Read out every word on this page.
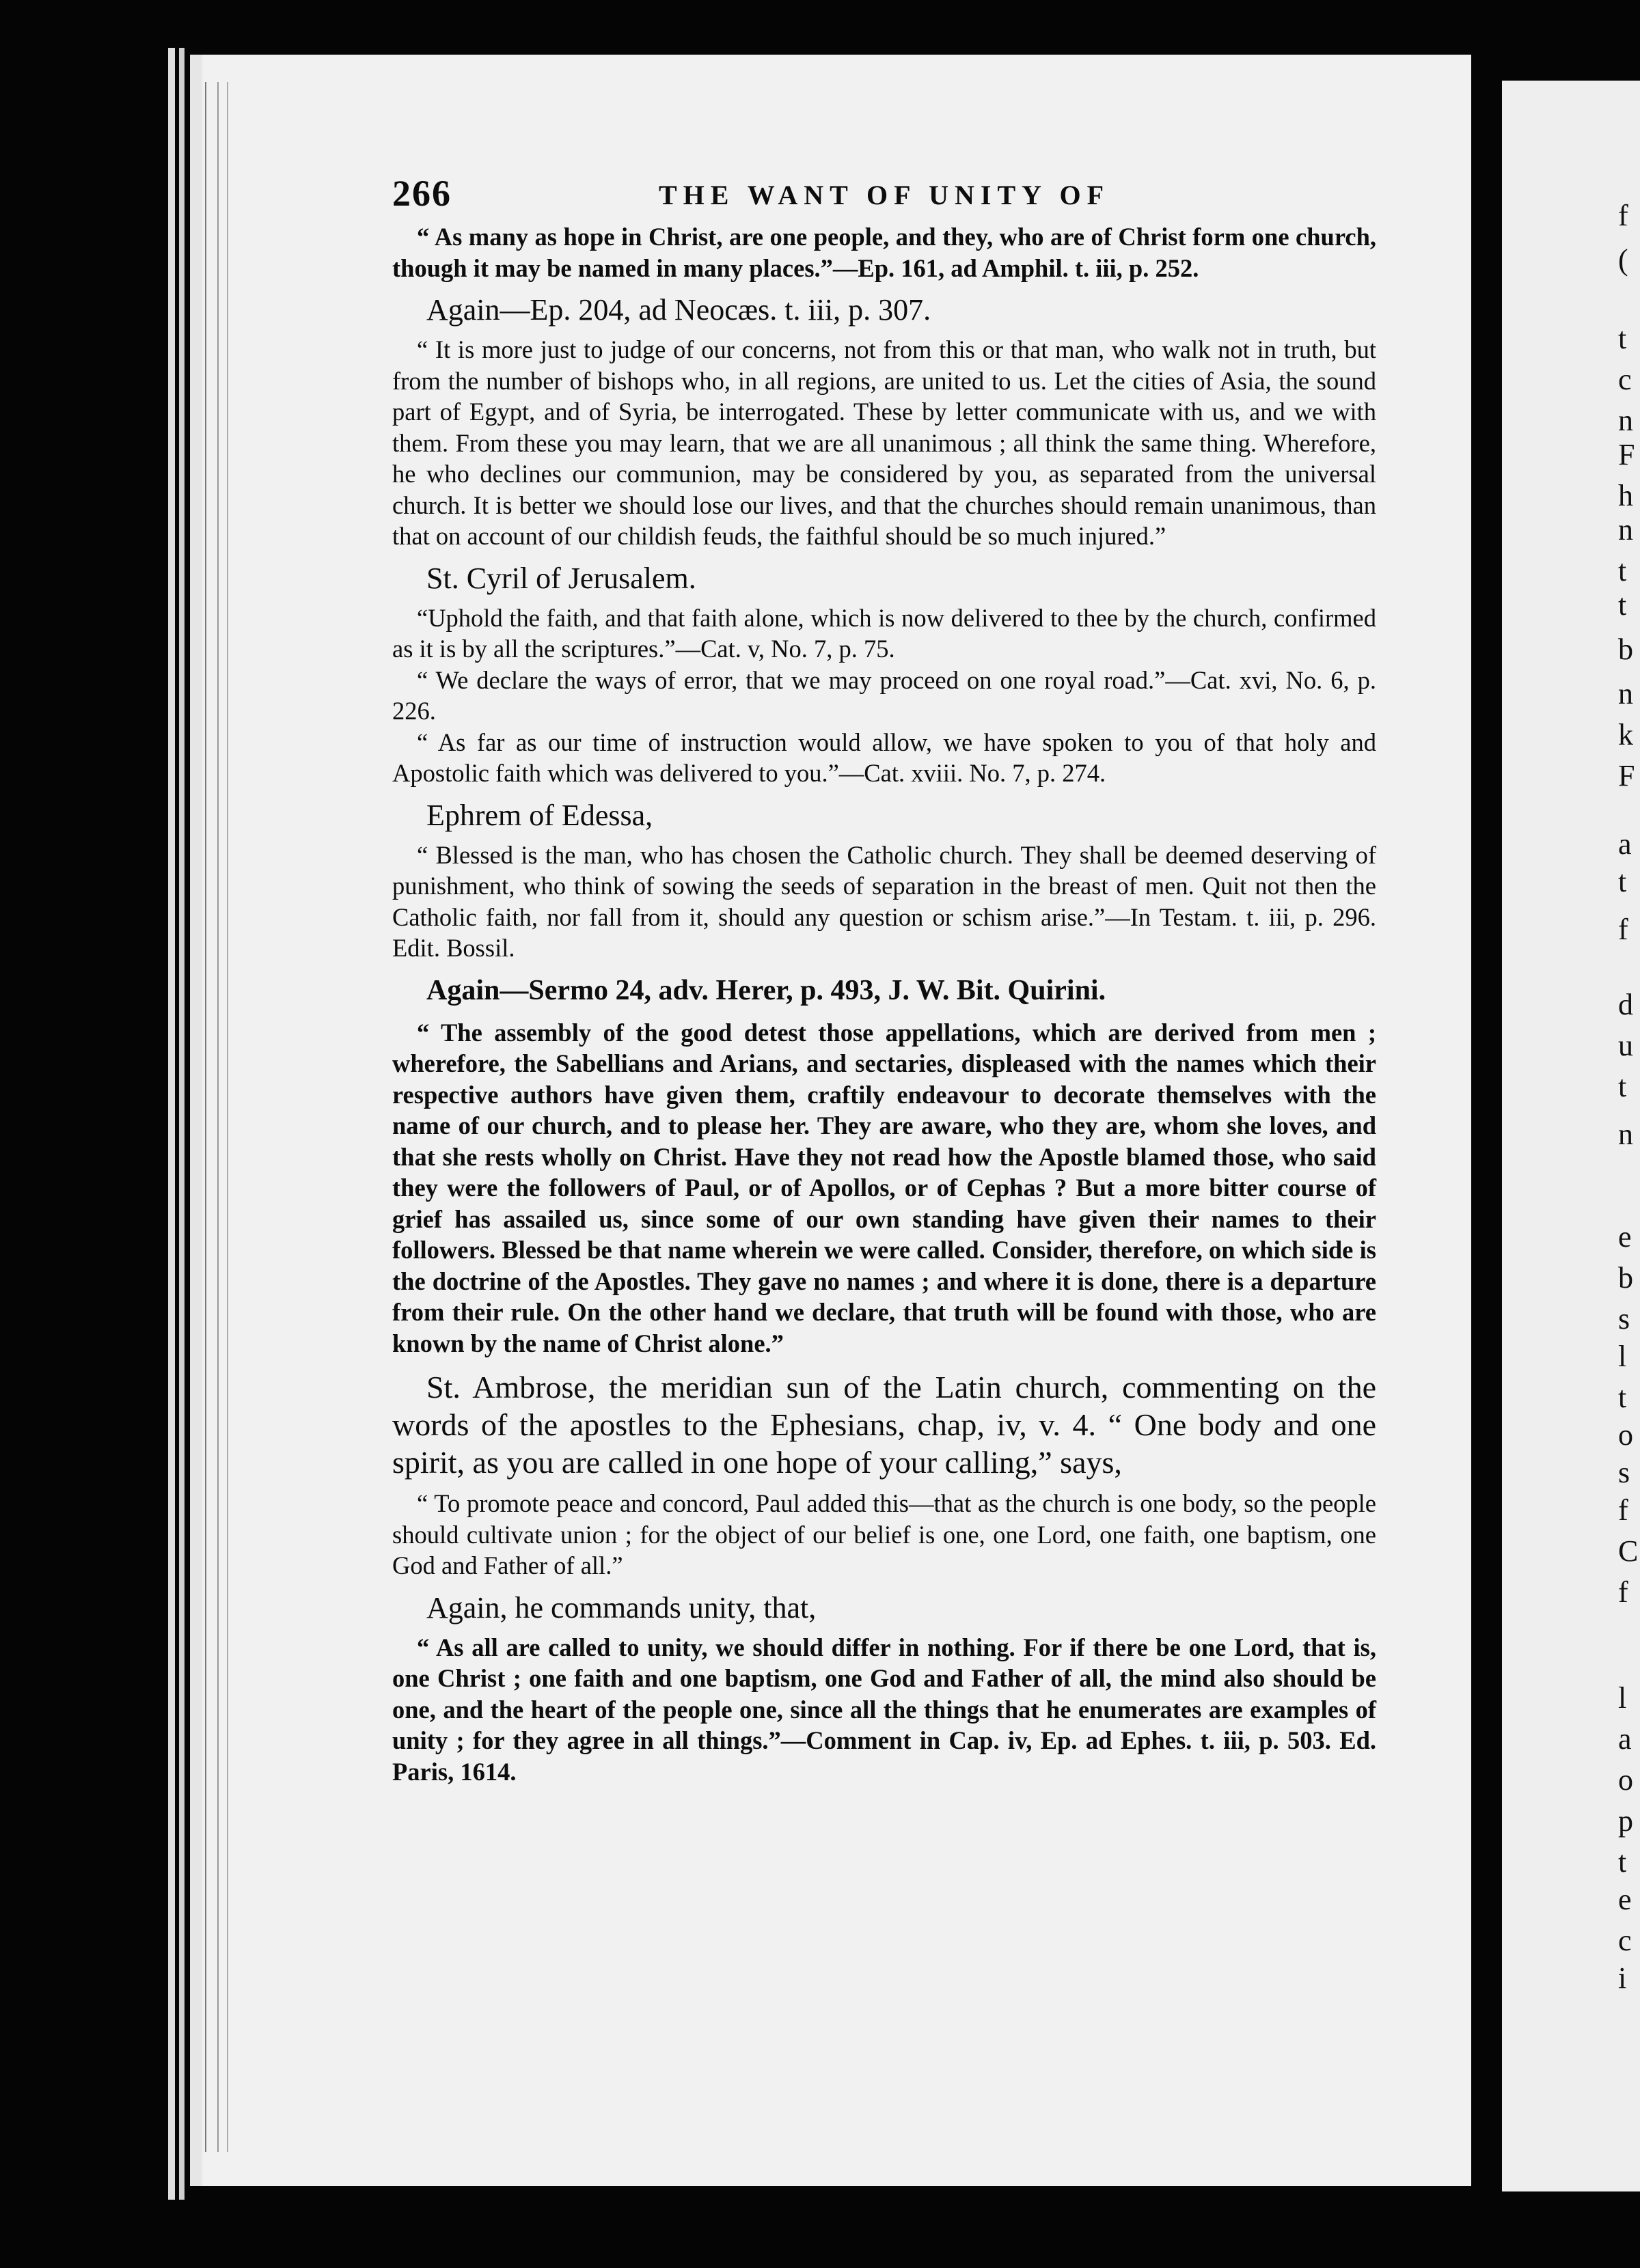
f
(
t
c
n
F
h
n
t
t
b
n
k
F
a
t
f
d
u
t
n
e
b
s
l
t
o
s
f
C
f
l
a
o
p
t
e
c
i
266	THE WANT OF UNITY OF

“ As many as hope in Christ, are one people, and they, who are of Christ form one church, though it may be named in many places.”—Ep. 161, ad Amphil. t. iii, p. 252.

Again—Ep. 204, ad Neocæs. t. iii, p. 307.

“ It is more just to judge of our concerns, not from this or that man, who walk not in truth, but from the number of bishops who, in all regions, are united to us. Let the cities of Asia, the sound part of Egypt, and of Syria, be interrogated. These by letter communicate with us, and we with them. From these you may learn, that we are all unanimous ; all think the same thing. Wherefore, he who declines our communion, may be considered by you, as separated from the universal church. It is better we should lose our lives, and that the churches should remain unanimous, than that on account of our childish feuds, the faithful should be so much injured.”

St. Cyril of Jerusalem.

“Uphold the faith, and that faith alone, which is now delivered to thee by the church, confirmed as it is by all the scriptures.”—Cat. v, No. 7, p. 75.

“ We declare the ways of error, that we may proceed on one royal road.”—Cat. xvi, No. 6, p. 226.

“ As far as our time of instruction would allow, we have spoken to you of that holy and Apostolic faith which was delivered to you.”—Cat. xviii. No. 7, p. 274.

Ephrem of Edessa,

“ Blessed is the man, who has chosen the Catholic church. They shall be deemed deserving of punishment, who think of sowing the seeds of separation in the breast of men. Quit not then the Catholic faith, nor fall from it, should any question or schism arise.”—In Testam. t. iii, p. 296. Edit. Bossil.

Again—Sermo 24, adv. Herer, p. 493, J. W. Bit. Quirini.

“ The assembly of the good detest those appellations, which are derived from men ; wherefore, the Sabellians and Arians, and sectaries, displeased with the names which their respective authors have given them, craftily endeavour to decorate themselves with the name of our church, and to please her. They are aware, who they are, whom she loves, and that she rests wholly on Christ. Have they not read how the Apostle blamed those, who said they were the followers of Paul, or of Apollos, or of Cephas ? But a more bitter course of grief has assailed us, since some of our own standing have given their names to their followers. Blessed be that name wherein we were called. Consider, therefore, on which side is the doctrine of the Apostles. They gave no names ; and where it is done, there is a departure from their rule. On the other hand we declare, that truth will be found with those, who are known by the name of Christ alone.”

St. Ambrose, the meridian sun of the Latin church, commenting on the words of the apostles to the Ephesians, chap, iv, v. 4. “ One body and one spirit, as you are called in one hope of your calling,” says,

“ To promote peace and concord, Paul added this—that as the church is one body, so the people should cultivate union ; for the object of our belief is one, one Lord, one faith, one baptism, one God and Father of all.”

Again, he commands unity, that,

“ As all are called to unity, we should differ in nothing. For if there be one Lord, that is, one Christ ; one faith and one baptism, one God and Father of all, the mind also should be one, and the heart of the people one, since all the things that he enumerates are examples of unity ; for they agree in all things.”—Comment in Cap. iv, Ep. ad Ephes. t. iii, p. 503. Ed. Paris, 1614.
